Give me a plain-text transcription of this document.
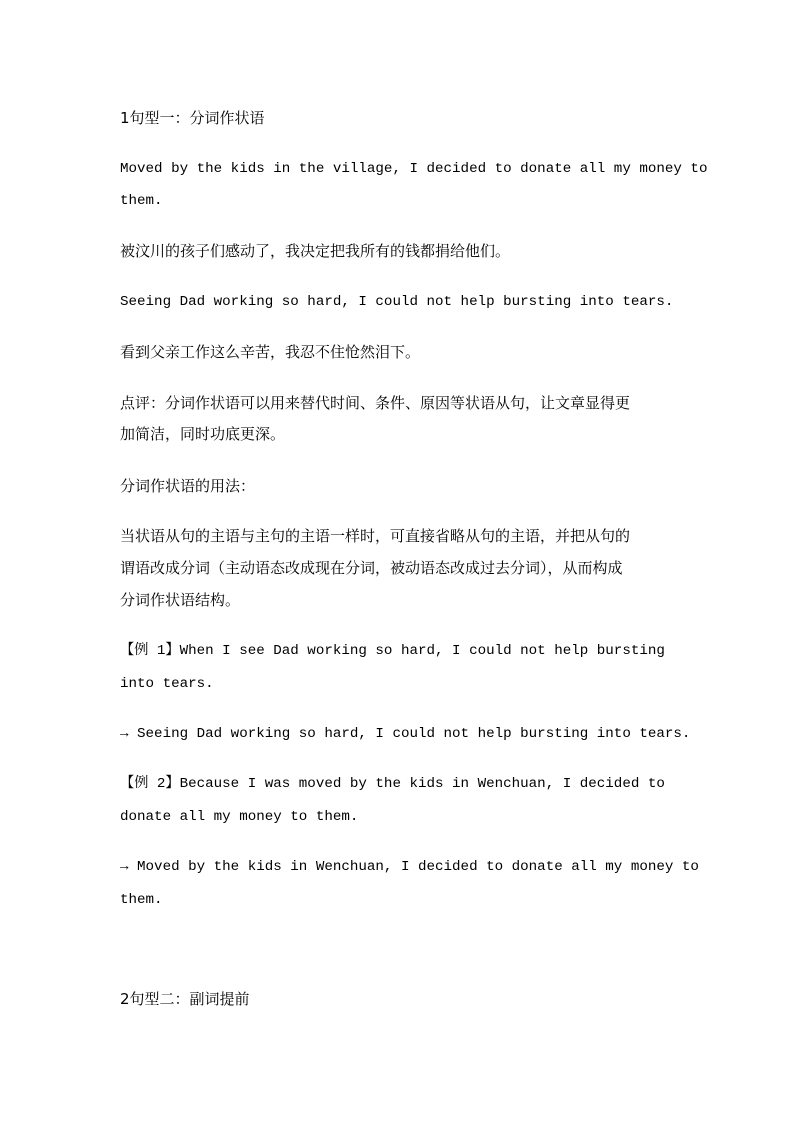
1句型一：分词作状语
Moved by the kids in the village, I decided to donate all my money to
them.
被汶川的孩子们感动了，我决定把我所有的钱都捐给他们。
Seeing Dad working so hard, I could not help bursting into tears.
看到父亲工作这么辛苦，我忍不住怆然泪下。
点评：分词作状语可以用来替代时间、条件、原因等状语从句，让文章显得更
加简洁，同时功底更深。
分词作状语的用法：
当状语从句的主语与主句的主语一样时，可直接省略从句的主语，并把从句的
谓语改成分词（主动语态改成现在分词，被动语态改成过去分词），从而构成
分词作状语结构。
【例 1】When I see Dad working so hard, I could not help bursting
into tears.
→ Seeing Dad working so hard, I could not help bursting into tears.
【例 2】Because I was moved by the kids in Wenchuan, I decided to
donate all my money to them.
→ Moved by the kids in Wenchuan, I decided to donate all my money to
them.
2句型二：副词提前
